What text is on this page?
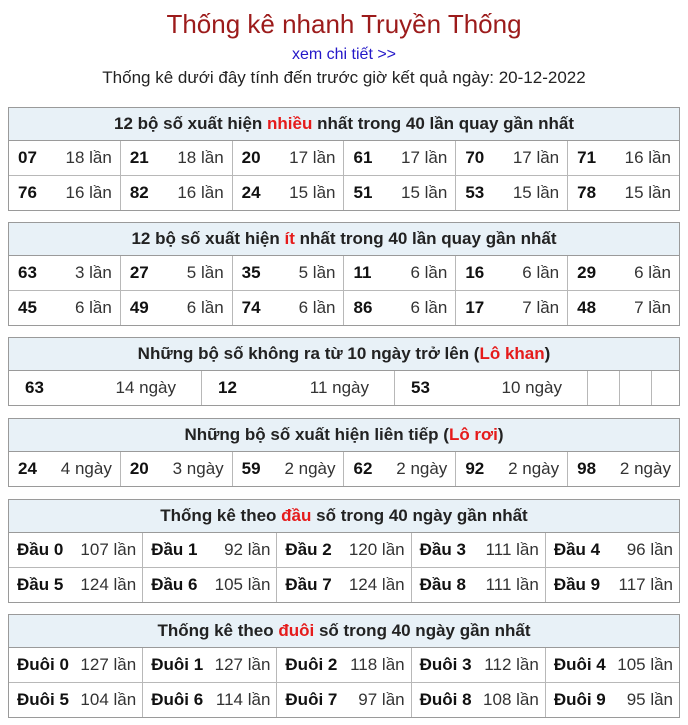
Thống kê nhanh Truyền Thống
xem chi tiết >>
Thống kê dưới đây tính đến trước giờ kết quả ngày: 20-12-2022
12 bộ số xuất hiện nhiều nhất trong 40 lần quay gần nhất
07 18 lần 21 18 lần 20 17 lần 61 17 lần 70 17 lần 71 16 lần
76 16 lần 82 16 lần 24 15 lần 51 15 lần 53 15 lần 78 15 lần
12 bộ số xuất hiện ít nhất trong 40 lần quay gần nhất
63 3 lần 27 5 lần 35 5 lần 11 6 lần 16 6 lần 29 6 lần
45 6 lần 49 6 lần 74 6 lần 86 6 lần 17 7 lần 48 7 lần
Những bộ số không ra từ 10 ngày trở lên (Lô khan)
63	14 ngày 12	11 ngày 53	10 ngày
Những bộ số xuất hiện liên tiếp (Lô rơi)
24 4 ngày 20 3 ngày 59 2 ngày 62 2 ngày 92 2 ngày 98 2 ngày
Thống kê theo đầu số trong 40 ngày gần nhất
Đầu 0 107 lần Đầu 1 92 lần Đầu 2 120 lần Đầu 3 111 lần Đầu 4 96 lần
Đầu 5 124 lần Đầu 6 105 lần Đầu 7 124 lần Đầu 8 111 lần Đầu 9 117 lần
Thống kê theo đuôi số trong 40 ngày gần nhất
Đuôi 0 127 lần Đuôi 1 127 lần Đuôi 2 118 lần Đuôi 3 112 lần Đuôi 4 105 lần
Đuôi 5 104 lần Đuôi 6 114 lần Đuôi 7 97 lần Đuôi 8 108 lần Đuôi 9 95 lần
